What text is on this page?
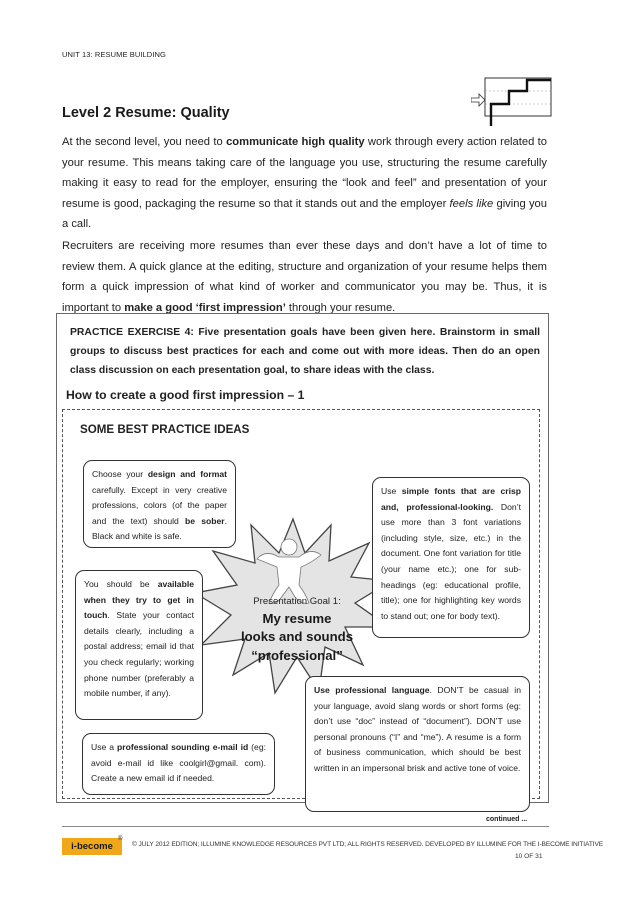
UNIT 13: RESUME BUILDING
Level 2 Resume: Quality
At the second level, you need to communicate high quality work through every action related to your resume. This means taking care of the language you use, structuring the resume carefully making it easy to read for the employer, ensuring the “look and feel” and presentation of your resume is good, packaging the resume so that it stands out and the employer feels like giving you a call.
Recruiters are receiving more resumes than ever these days and don’t have a lot of time to review them. A quick glance at the editing, structure and organization of your resume helps them form a quick impression of what kind of worker and communicator you may be. Thus, it is important to make a good ‘first impression’ through your resume.
PRACTICE EXERCISE 4: Five presentation goals have been given here. Brainstorm in small groups to discuss best practices for each and come out with more ideas. Then do an open class discussion on each presentation goal, to share ideas with the class.
How to create a good first impression – 1
SOME BEST PRACTICE IDEAS
Presentation Goal 1:
My resume
looks and sounds
“professional”
Choose your design and format carefully. Except in very creative professions, colors (of the paper and the text) should be sober. Black and white is safe.
Use simple fonts that are crisp and, professional-looking. Don’t use more than 3 font variations (including style, size, etc.) in the document. One font variation for title (your name etc.); one for sub-headings (eg: educational profile, title); one for highlighting key words to stand out; one for body text).
You should be available when they try to get in touch. State your contact details clearly, including a postal address; email id that you check regularly; working phone number (preferably a mobile number, if any).	Use professional language. DON’T be casual in your language, avoid slang words or short forms (eg: don’t use “doc” instead of “document”). DON’T use personal pronouns (“I” and “me”). A resume is a form of business communication, which should be best written in an impersonal brisk and active tone of voice.
Use a professional sounding e-mail id (eg: avoid e-mail id like coolgirl@gmail. com). Create a new email id if needed.
continued ...
i-become
®
© JULY 2012 EDITION; ILLUMINE KNOWLEDGE RESOURCES PVT LTD; ALL RIGHTS RESERVED. DEVELOPED BY ILLUMINE FOR THE I-BECOME INITIATIVE
10 OF 31
